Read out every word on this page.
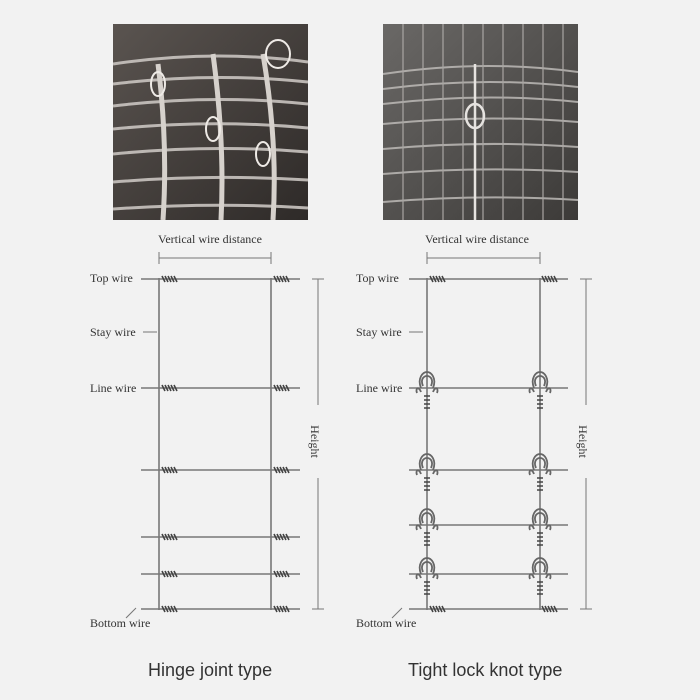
Vertical wire distance
Top wire
Stay wire
Line wire
Bottom wire
Height
Hinge joint type
Vertical wire distance
Top wire
Stay wire
Line wire
Bottom wire
Height
Tight lock knot type
